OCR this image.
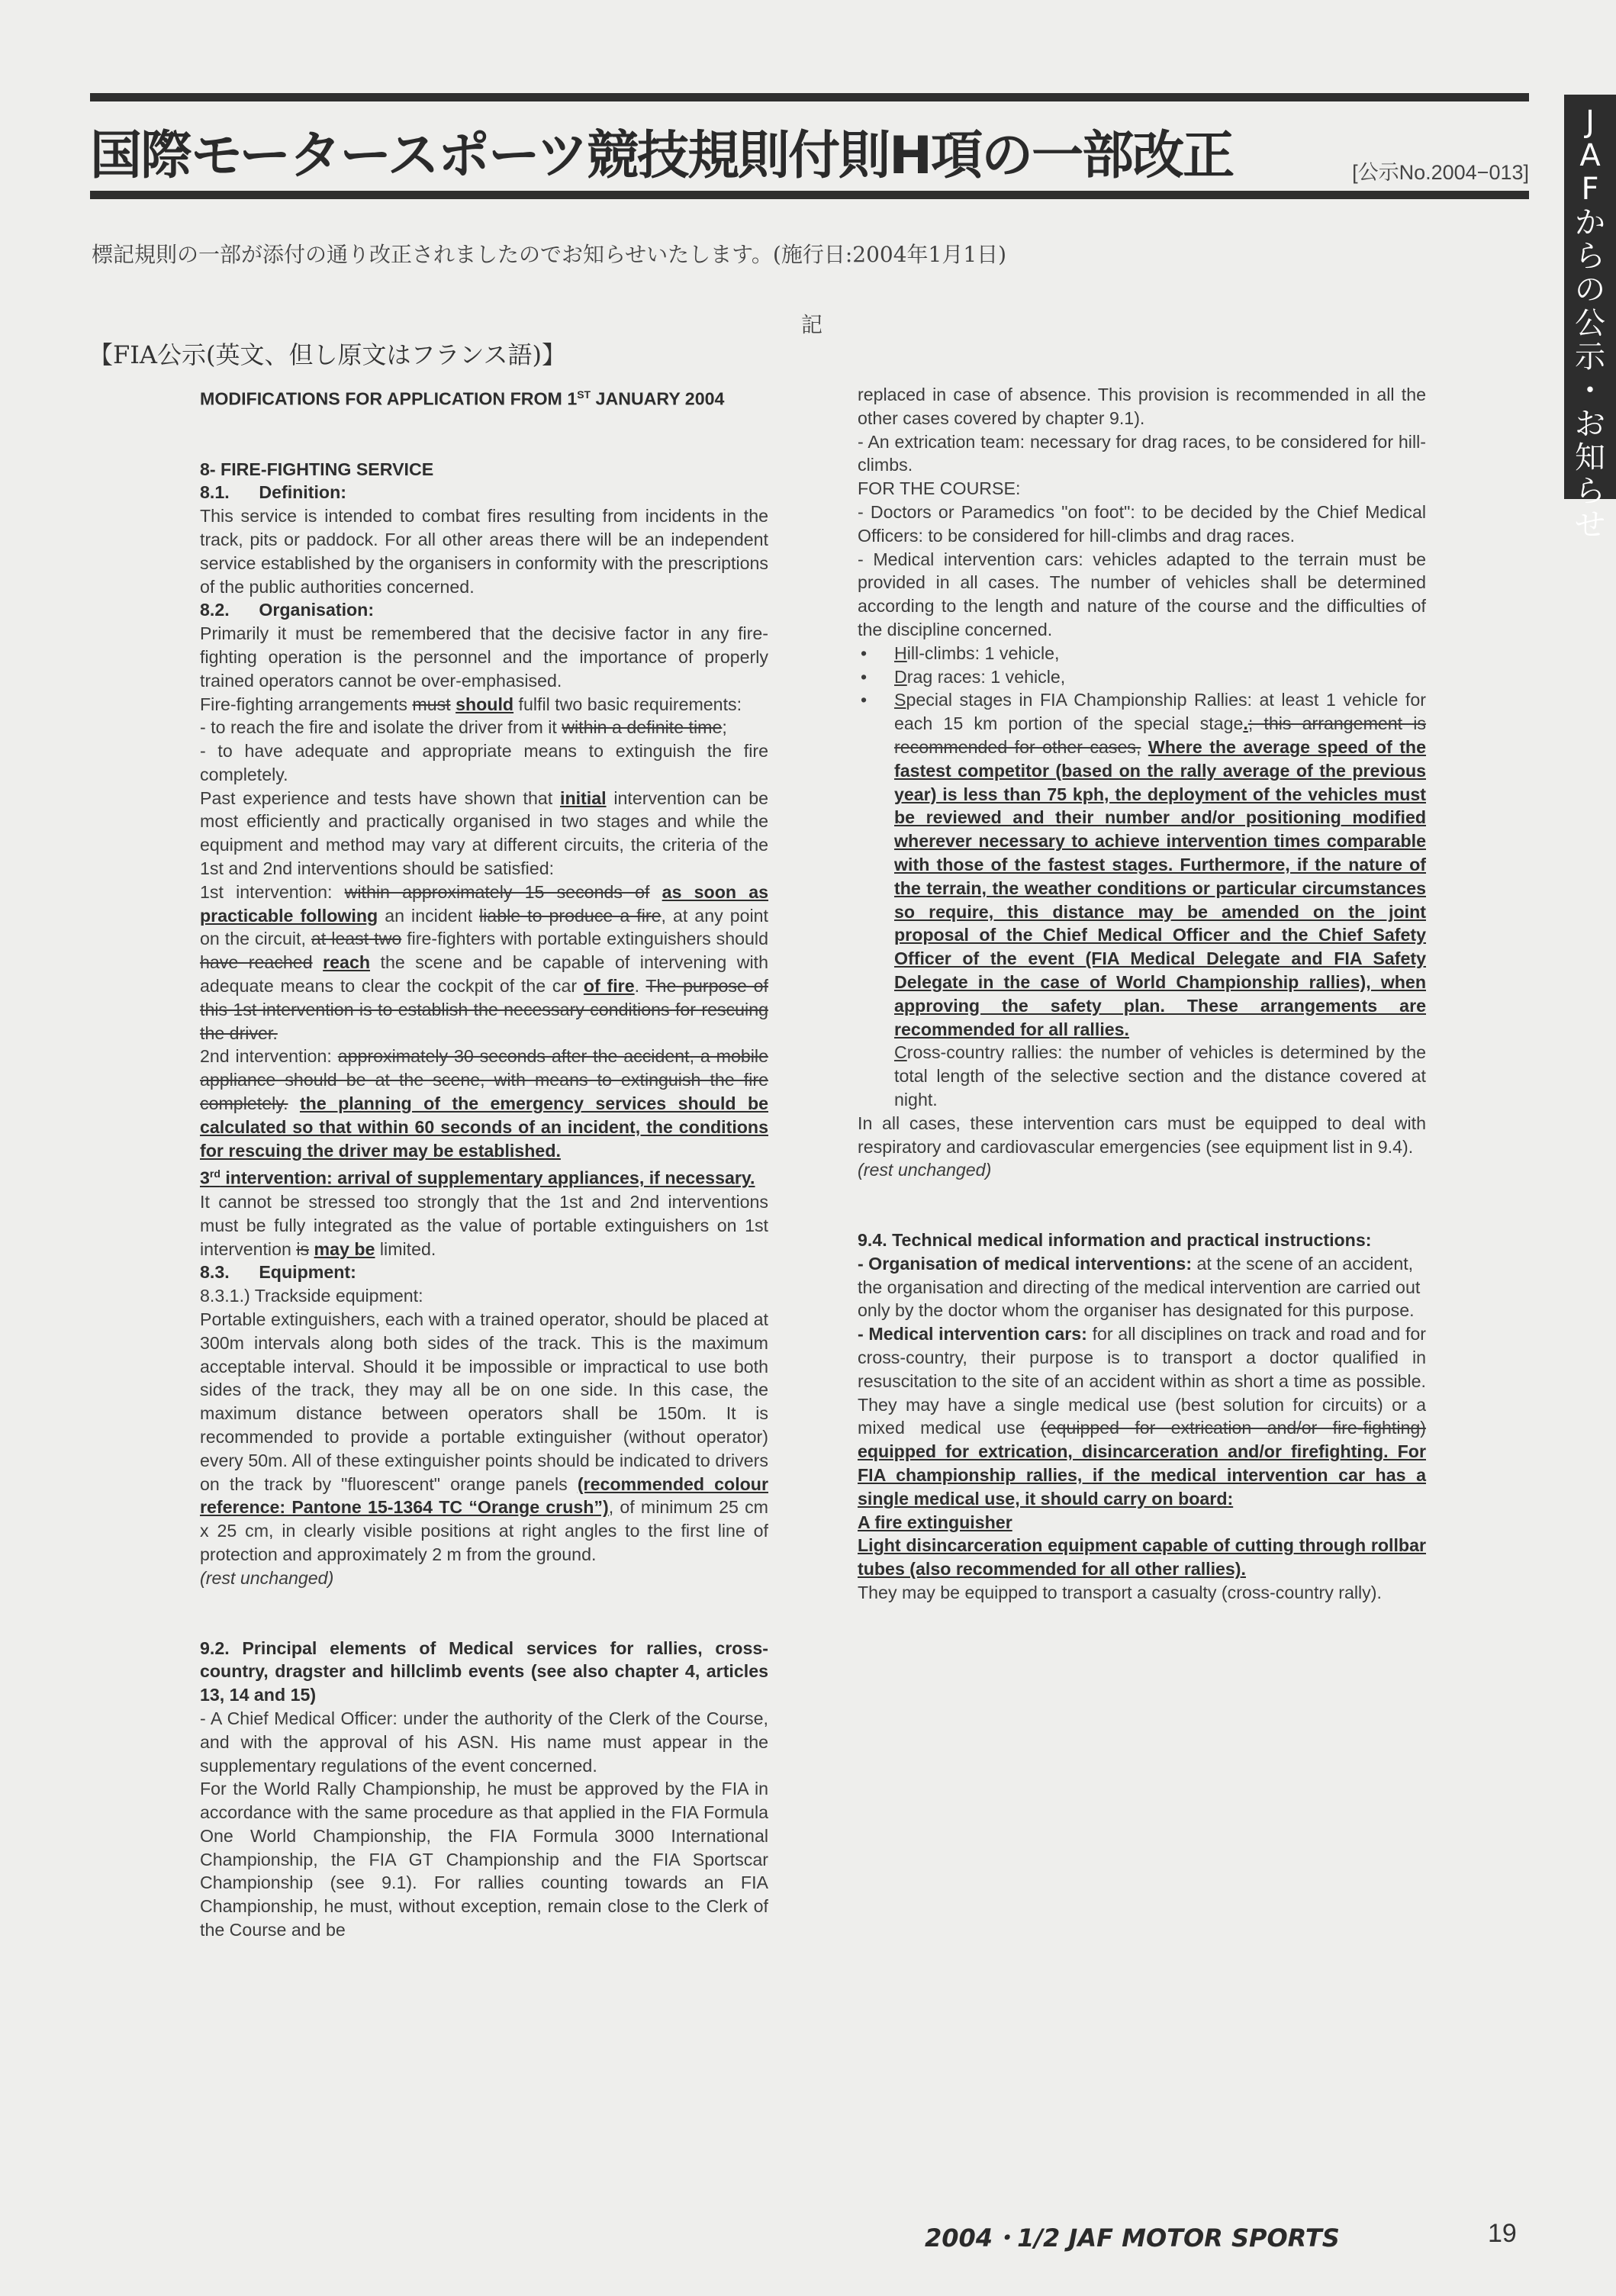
国際モータースポーツ競技規則付則H項の一部改正	[公示No.2004−013]
J
A
F
か
ら
の
公
示
・
お
知
ら
せ
標記規則の一部が添付の通り改正されましたのでお知らせいたします。(施行日:2004年1月1日)
記
【FIA公示(英文、但し原文はフランス語)】

MODIFICATIONS FOR APPLICATION FROM 1ST JANUARY 2004

8- FIRE-FIGHTING SERVICE

8.1.      Definition:

This service is intended to combat fires resulting from incidents in the track, pits or paddock. For all other areas there will be an independent service established by the organisers in conformity with the prescriptions of the public authorities concerned.

8.2.      Organisation:

Primarily it must be remembered that the decisive factor in any fire-fighting operation is the personnel and the importance of properly trained operators cannot be over-emphasised.

Fire-fighting arrangements must should fulfil two basic requirements:

- to reach the fire and isolate the driver from it within a definite time;

- to have adequate and appropriate means to extinguish the fire completely.

Past experience and tests have shown that initial intervention can be most efficiently and practically organised in two stages and while the equipment and method may vary at different circuits, the criteria of the 1st and 2nd interventions should be satisfied:

1st intervention: within approximately 15 seconds of as soon as practicable following an incident liable to produce a fire, at any point on the circuit, at least two fire-fighters with portable extinguishers should have reached reach the scene and be capable of intervening with adequate means to clear the cockpit of the car of fire. The purpose of this 1st intervention is to establish the necessary conditions for rescuing the driver.

2nd intervention: approximately 30 seconds after the accident, a mobile appliance should be at the scene, with means to extinguish the fire completely. the planning of the emergency services should be calculated so that within 60 seconds of an incident, the conditions for rescuing the driver may be established.

3rd intervention: arrival of supplementary appliances, if necessary.

It cannot be stressed too strongly that the 1st and 2nd interventions must be fully integrated as the value of portable extinguishers on 1st intervention is may be limited.

8.3.      Equipment:

8.3.1.) Trackside equipment:

Portable extinguishers, each with a trained operator, should be placed at 300m intervals along both sides of the track. This is the maximum acceptable interval. Should it be impossible or impractical to use both sides of the track, they may all be on one side. In this case, the maximum distance between operators shall be 150m. It is recommended to provide a portable extinguisher (without operator) every 50m. All of these extinguisher points should be indicated to drivers on the track by "fluorescent" orange panels (recommended colour reference: Pantone 15-1364 TC “Orange crush”), of minimum 25 cm x 25 cm, in clearly visible positions at right angles to the first line of protection and approximately 2 m from the ground.

(rest unchanged)

9.2. Principal elements of Medical services for rallies, cross-country, dragster and hillclimb events (see also chapter 4, articles 13, 14 and 15)

- A Chief Medical Officer: under the authority of the Clerk of the Course, and with the approval of his ASN. His name must appear in the supplementary regulations of the event concerned.

For the World Rally Championship, he must be approved by the FIA in accordance with the same procedure as that applied in the FIA Formula One World Championship, the FIA Formula 3000 International Championship, the FIA GT Championship and the FIA Sportscar Championship (see 9.1). For rallies counting towards an FIA Championship, he must, without exception, remain close to the Clerk of the Course and be

replaced in case of absence. This provision is recommended in all the other cases covered by chapter 9.1).

- An extrication team: necessary for drag races, to be considered for hill-climbs.

FOR THE COURSE:

- Doctors or Paramedics "on foot": to be decided by the Chief Medical Officers: to be considered for hill-climbs and drag races.

- Medical intervention cars: vehicles adapted to the terrain must be provided in all cases. The number of vehicles shall be determined according to the length and nature of the course and the difficulties of the discipline concerned.

• Hill-climbs: 1 vehicle,

• Drag races: 1 vehicle,

• Special stages in FIA Championship Rallies: at least 1 vehicle for each 15 km portion of the special stage.; this arrangement is recommended for other cases, Where the average speed of the fastest competitor (based on the rally average of the previous year) is less than 75 kph, the deployment of the vehicles must be reviewed and their number and/or positioning modified wherever necessary to achieve intervention times comparable with those of the fastest stages. Furthermore, if the nature of the terrain, the weather conditions or particular circumstances so require, this distance may be amended on the joint proposal of the Chief Medical Officer and the Chief Safety Officer of the event (FIA Medical Delegate and FIA Safety Delegate in the case of World Championship rallies), when approving the safety plan. These arrangements are recommended for all rallies.

Cross-country rallies: the number of vehicles is determined by the total length of the selective section and the distance covered at night.

In all cases, these intervention cars must be equipped to deal with respiratory and cardiovascular emergencies (see equipment list in 9.4).

(rest unchanged)

9.4. Technical medical information and practical instructions:

- Organisation of medical interventions: at the scene of an accident, the organisation and directing of the medical intervention are carried out only by the doctor whom the organiser has designated for this purpose.

- Medical intervention cars: for all disciplines on track and road and for cross-country, their purpose is to transport a doctor qualified in resuscitation to the site of an accident within as short a time as possible. They may have a single medical use (best solution for circuits) or a mixed medical use (equipped for extrication and/or fire-fighting) equipped for extrication, disincarceration and/or firefighting. For FIA championship rallies, if the medical intervention car has a single medical use, it should carry on board:

A fire extinguisher

Light disincarceration equipment capable of cutting through rollbar tubes (also recommended for all other rallies).

They may be equipped to transport a casualty (cross-country rally).

2004・1/2 JAF MOTOR SPORTS	19
